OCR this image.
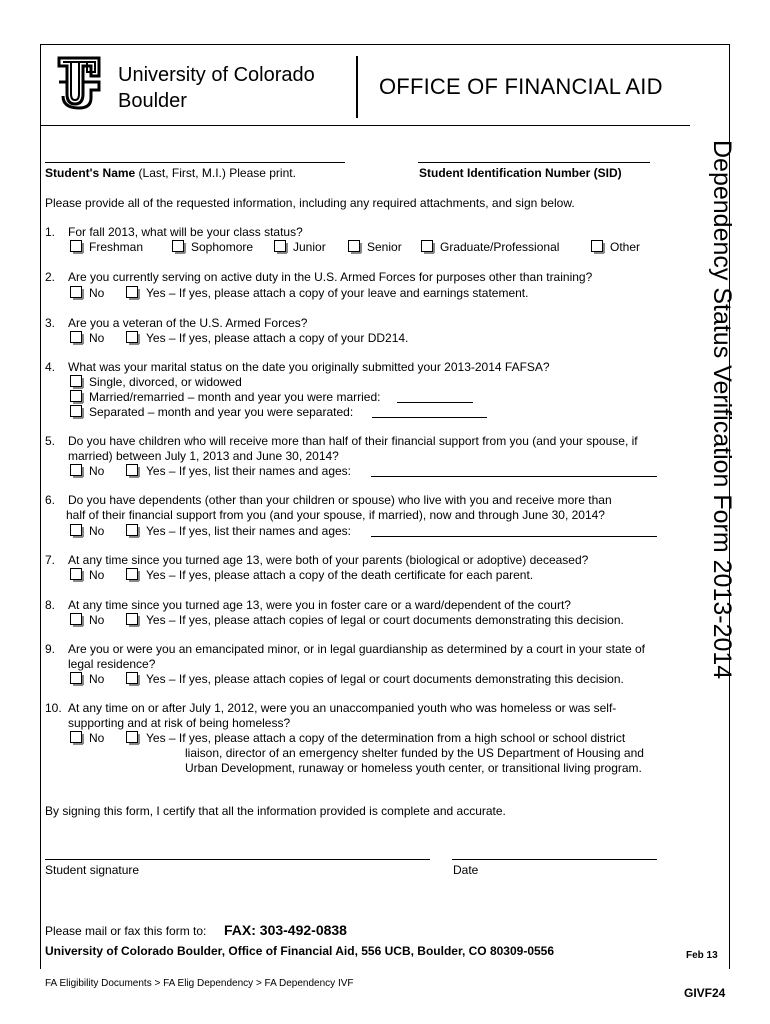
University of Colorado
Boulder
OFFICE OF FINANCIAL AID
Dependency Status Verification Form 2013-2014
Student's Name (Last, First, M.I.) Please print.	Student Identification Number (SID)
Please provide all of the requested information, including any required attachments, and sign below.
1. For fall 2013, what will be your class status?
Freshman	Sophomore	Junior	Senior	Graduate/Professional	Other
2. Are you currently serving on active duty in the U.S. Armed Forces for purposes other than training?
No	Yes – If yes, please attach a copy of your leave and earnings statement.
3. Are you a veteran of the U.S. Armed Forces?
No	Yes – If yes, please attach a copy of your DD214.
4. What was your marital status on the date you originally submitted your 2013-2014 FAFSA?
Single, divorced, or widowed
Married/remarried – month and year you were married:
Separated – month and year you were separated:
5. Do you have children who will receive more than half of their financial support from you (and your spouse, if
married) between July 1, 2013 and June 30, 2014?
No	Yes – If yes, list their names and ages:
6. Do you have dependents (other than your children or spouse) who live with you and receive more than
half of their financial support from you (and your spouse, if married), now and through June 30, 2014?
No	Yes – If yes, list their names and ages:
7. At any time since you turned age 13, were both of your parents (biological or adoptive) deceased?
No	Yes – If yes, please attach a copy of the death certificate for each parent.
8. At any time since you turned age 13, were you in foster care or a ward/dependent of the court?
No	Yes – If yes, please attach copies of legal or court documents demonstrating this decision.
9. Are you or were you an emancipated minor, or in legal guardianship as determined by a court in your state of
legal residence?
No	Yes – If yes, please attach copies of legal or court documents demonstrating this decision.
10. At any time on or after July 1, 2012, were you an unaccompanied youth who was homeless or was self-
supporting and at risk of being homeless?
No	Yes – If yes, please attach a copy of the determination from a high school or school district
liaison, director of an emergency shelter funded by the US Department of Housing and
Urban Development, runaway or homeless youth center, or transitional living program.
By signing this form, I certify that all the information provided is complete and accurate.
Student signature	Date
Please mail or fax this form to: FAX: 303-492-0838
University of Colorado Boulder, Office of Financial Aid, 556 UCB, Boulder, CO 80309-0556	Feb 13
FA Eligibility Documents > FA Elig Dependency > FA Dependency IVF
GIVF24
